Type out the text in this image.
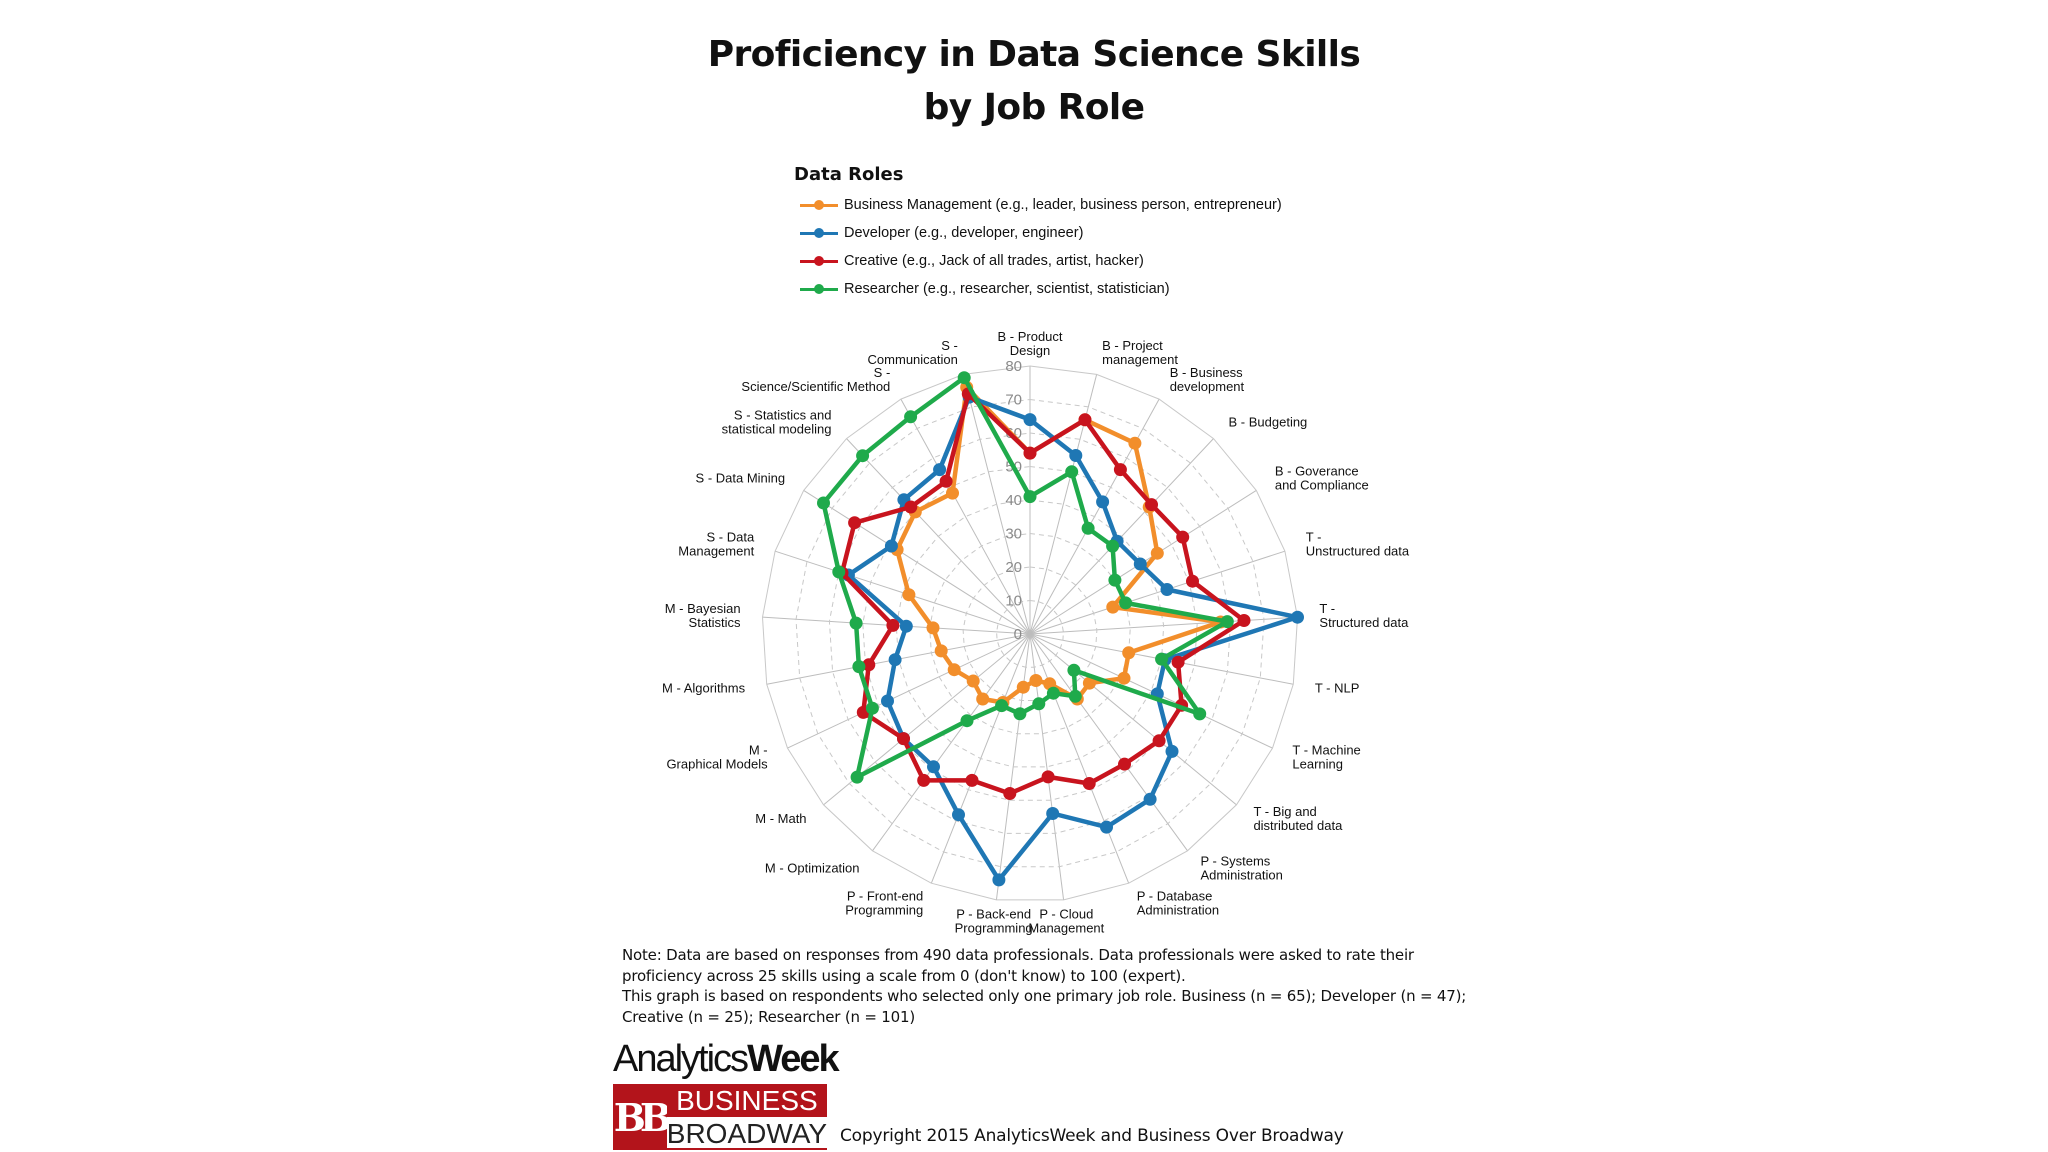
Proficiency in Data Science Skills
by Job Role
Data Roles
Business Management (e.g., leader, business person, entrepreneur)
Developer (e.g., developer, engineer)
Creative (e.g., Jack of all trades, artist, hacker)
Researcher (e.g., researcher, scientist, statistician)
0
10
20
30
40
50
60
70
80
B - Product Design	B - Project management
B - Business development
B - Budgeting
B - Goverance and Compliance
T -Unstructured data
T -Structured data
T - NLP
T - Machine Learning
T - Big and distributed data
P - Systems Administration
P - Database Administration
P - Cloud Management
P - Back-end Programming
P - Front-end Programming
M - Optimization
M - Math
M -Graphical Models
M - Algorithms
M - Bayesian Statistics
S - Data Management
S - Data Mining
S - Statistics and statistical modeling
S -Science/Scientific Method
S -Communication
Note: Data are based on responses from 490 data professionals. Data professionals were asked to rate their
proficiency across 25 skills using a scale from 0 (don't know) to 100 (expert).
This graph is based on respondents who selected only one primary job role. Business (n = 65); Developer (n = 47);
Creative (n = 25); Researcher (n = 101)
AnalyticsWeek
BB BUSINESS
BROADWAY Copyright 2015 AnalyticsWeek and Business Over Broadway
